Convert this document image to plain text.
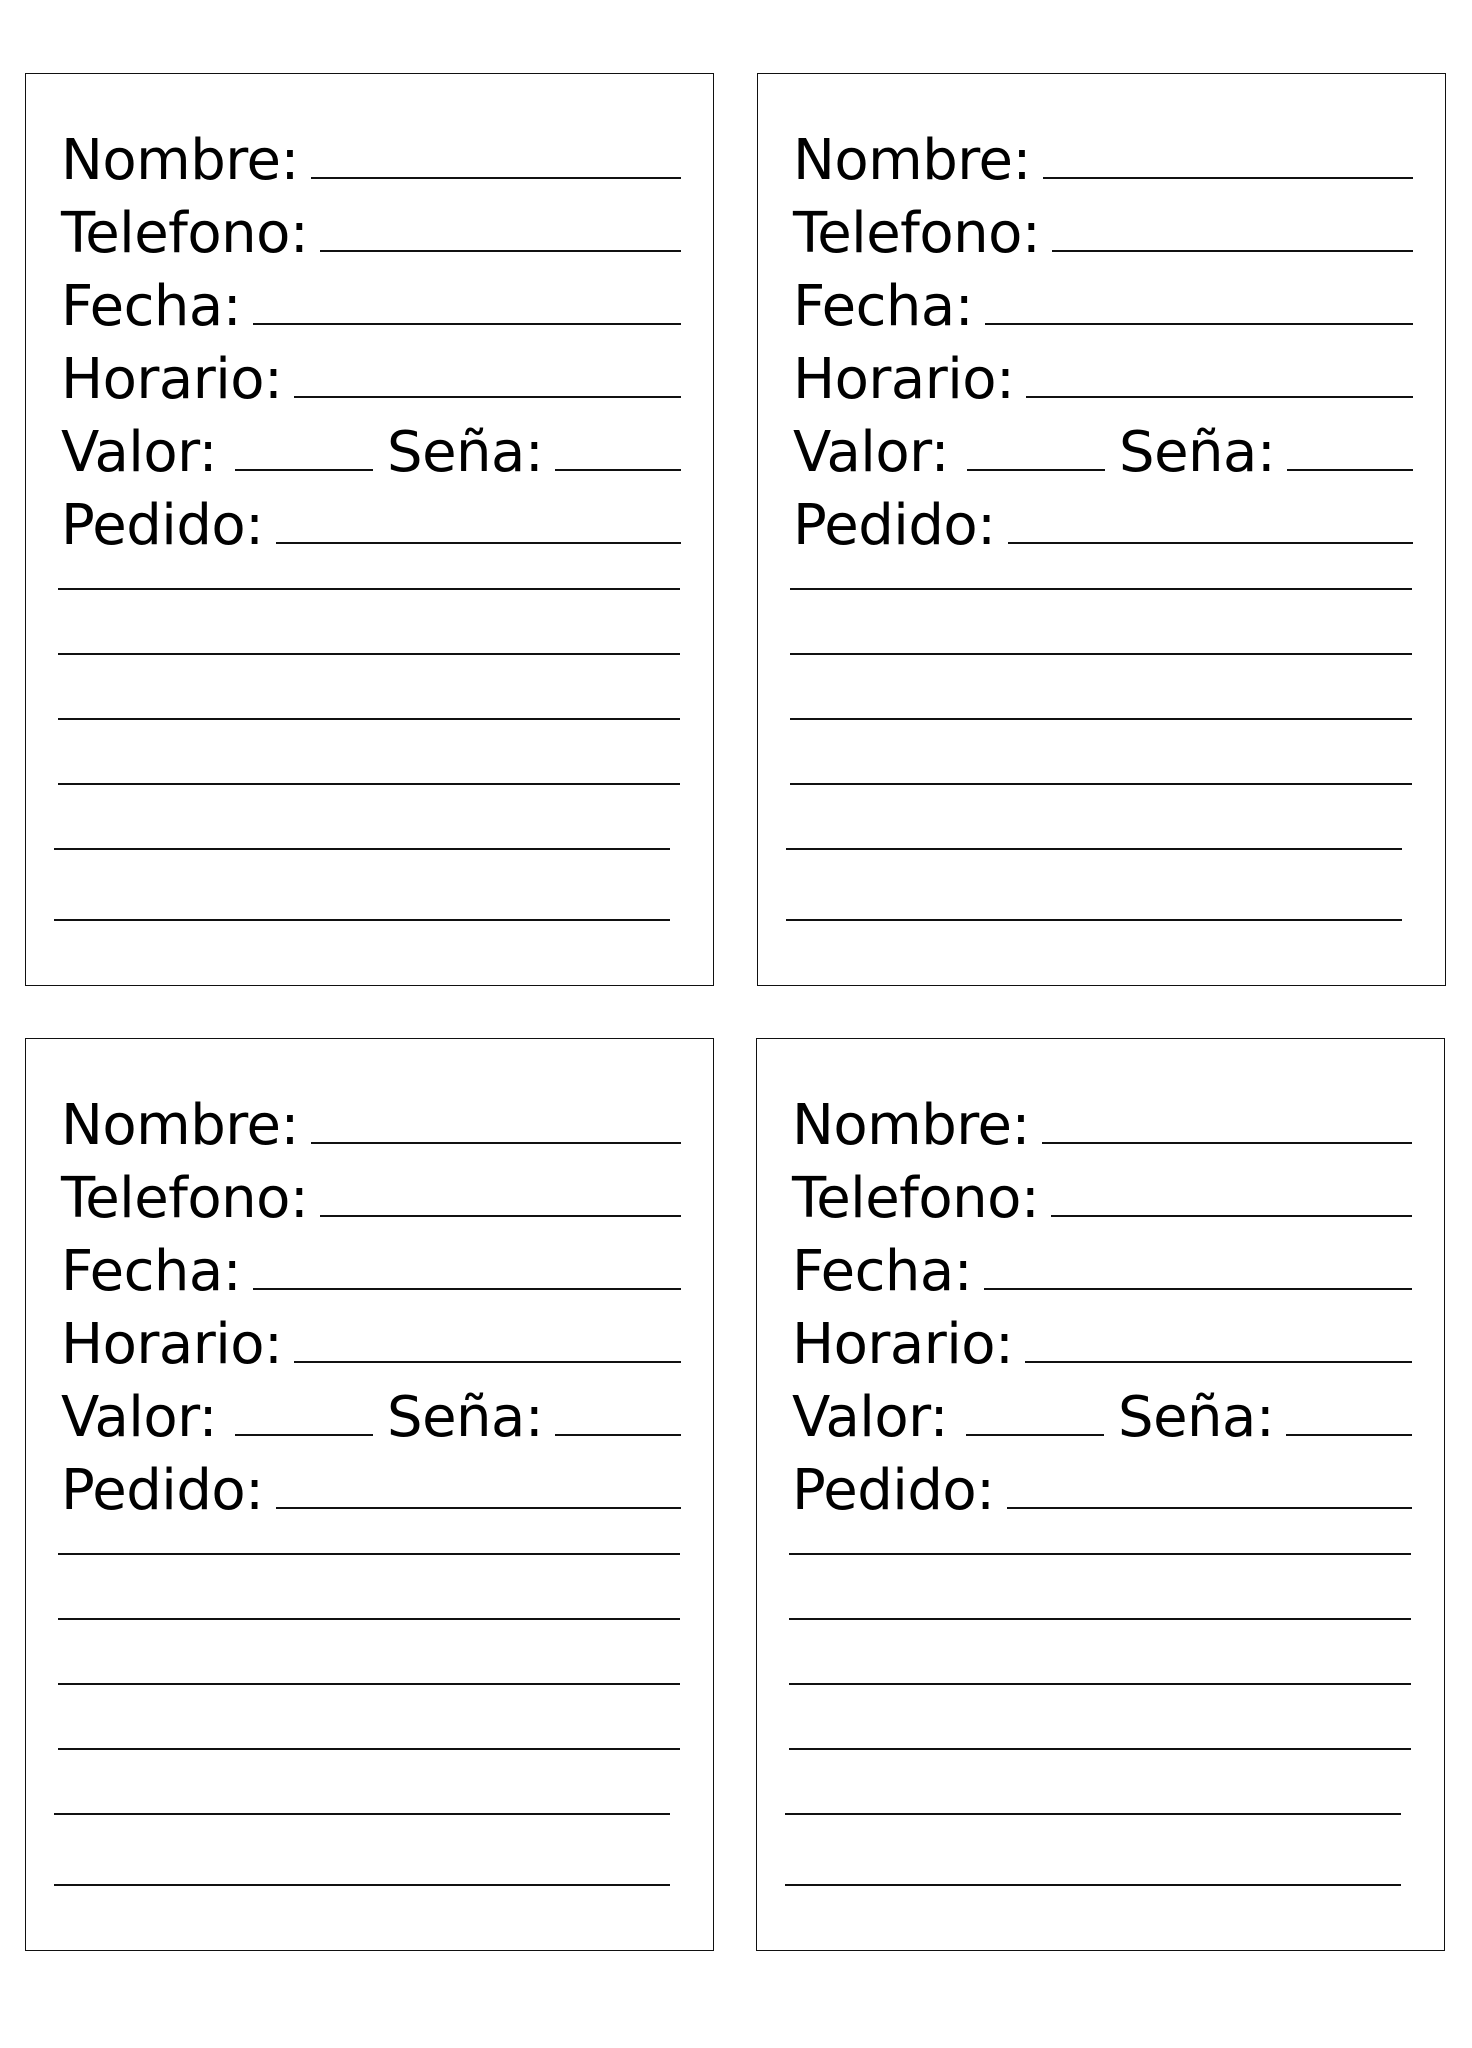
Nombre:
Telefono:
Fecha:
Horario:
Valor:	Seña:
Pedido:
Nombre:
Telefono:
Fecha:
Horario:
Valor:	Seña:
Pedido:
Nombre:
Telefono:
Fecha:
Horario:
Valor:	Seña:
Pedido:
Nombre:
Telefono:
Fecha:
Horario:
Valor:	Seña:
Pedido:
